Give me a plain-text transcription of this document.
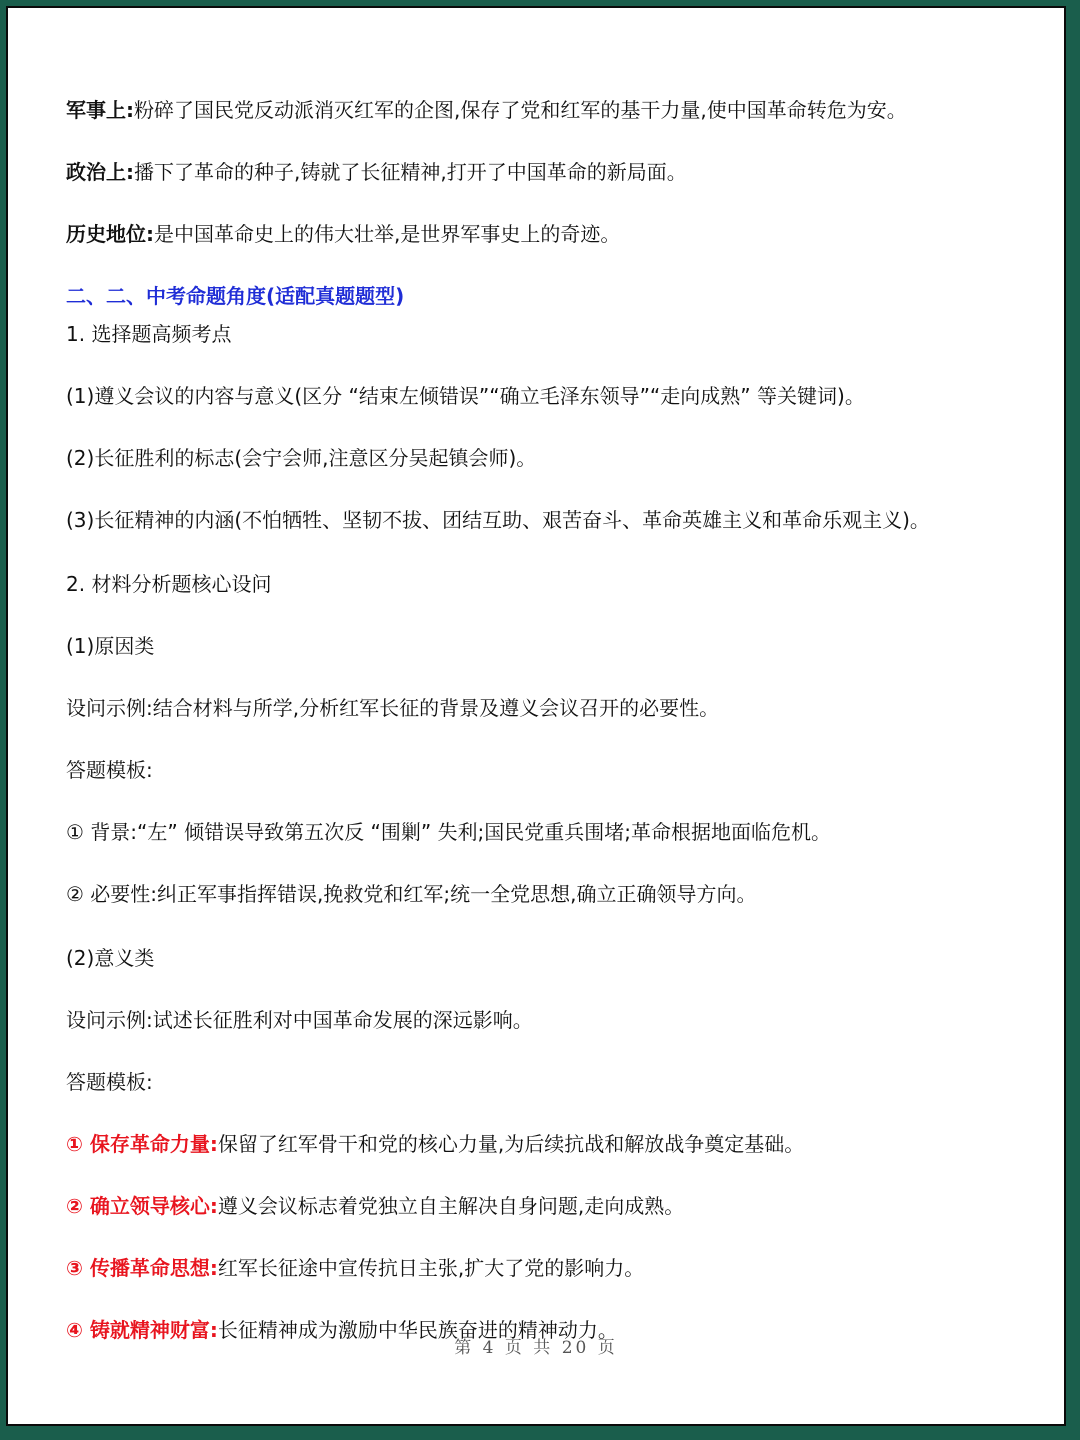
军事上:粉碎了国民党反动派消灭红军的企图,保存了党和红军的基干力量,使中国革命转危为安。
政治上:播下了革命的种子,铸就了长征精神,打开了中国革命的新局面。
历史地位:是中国革命史上的伟大壮举,是世界军事史上的奇迹。
二、二、中考命题角度(适配真题题型)
1. 选择题高频考点
(1)遵义会议的内容与意义(区分 “结束左倾错误”“确立毛泽东领导”“走向成熟” 等关键词)。
(2)长征胜利的标志(会宁会师,注意区分吴起镇会师)。
(3)长征精神的内涵(不怕牺牲、坚韧不拔、团结互助、艰苦奋斗、革命英雄主义和革命乐观主义)。
2. 材料分析题核心设问
(1)原因类
设问示例:结合材料与所学,分析红军长征的背景及遵义会议召开的必要性。
答题模板:
① 背景:“左” 倾错误导致第五次反 “围剿” 失利;国民党重兵围堵;革命根据地面临危机。
② 必要性:纠正军事指挥错误,挽救党和红军;统一全党思想,确立正确领导方向。
(2)意义类
设问示例:试述长征胜利对中国革命发展的深远影响。
答题模板:
① 保存革命力量:保留了红军骨干和党的核心力量,为后续抗战和解放战争奠定基础。
② 确立领导核心:遵义会议标志着党独立自主解决自身问题,走向成熟。
③ 传播革命思想:红军长征途中宣传抗日主张,扩大了党的影响力。
④ 铸就精神财富:长征精神成为激励中华民族奋进的精神动力。
第 4 页 共 20 页
